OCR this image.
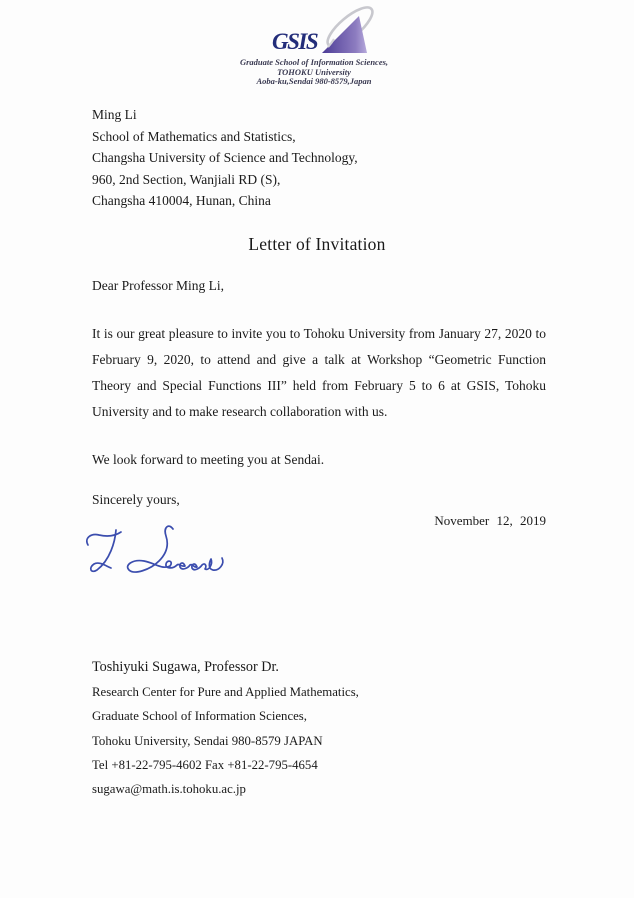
GSIS
Graduate School of Information Sciences,
TOHOKU University
Aoba-ku,Sendai 980-8579,Japan
Ming Li
School of Mathematics and Statistics,
Changsha University of Science and Technology,
960, 2nd Section, Wanjiali RD (S),
Changsha 410004, Hunan, China
Letter of Invitation
Dear Professor Ming Li,
It is our great pleasure to invite you to Tohoku University from January 27, 2020 to February 9, 2020, to attend and give a talk at Workshop “Geometric Function Theory and Special Functions III” held from February 5 to 6 at GSIS, Tohoku University and to make research collaboration with us.
We look forward to meeting you at Sendai.
Sincerely yours,
November 12, 2019
Toshiyuki Sugawa, Professor Dr.
Research Center for Pure and Applied Mathematics,
Graduate School of Information Sciences,
Tohoku University, Sendai 980-8579 JAPAN
Tel +81-22-795-4602 Fax +81-22-795-4654
sugawa@math.is.tohoku.ac.jp
